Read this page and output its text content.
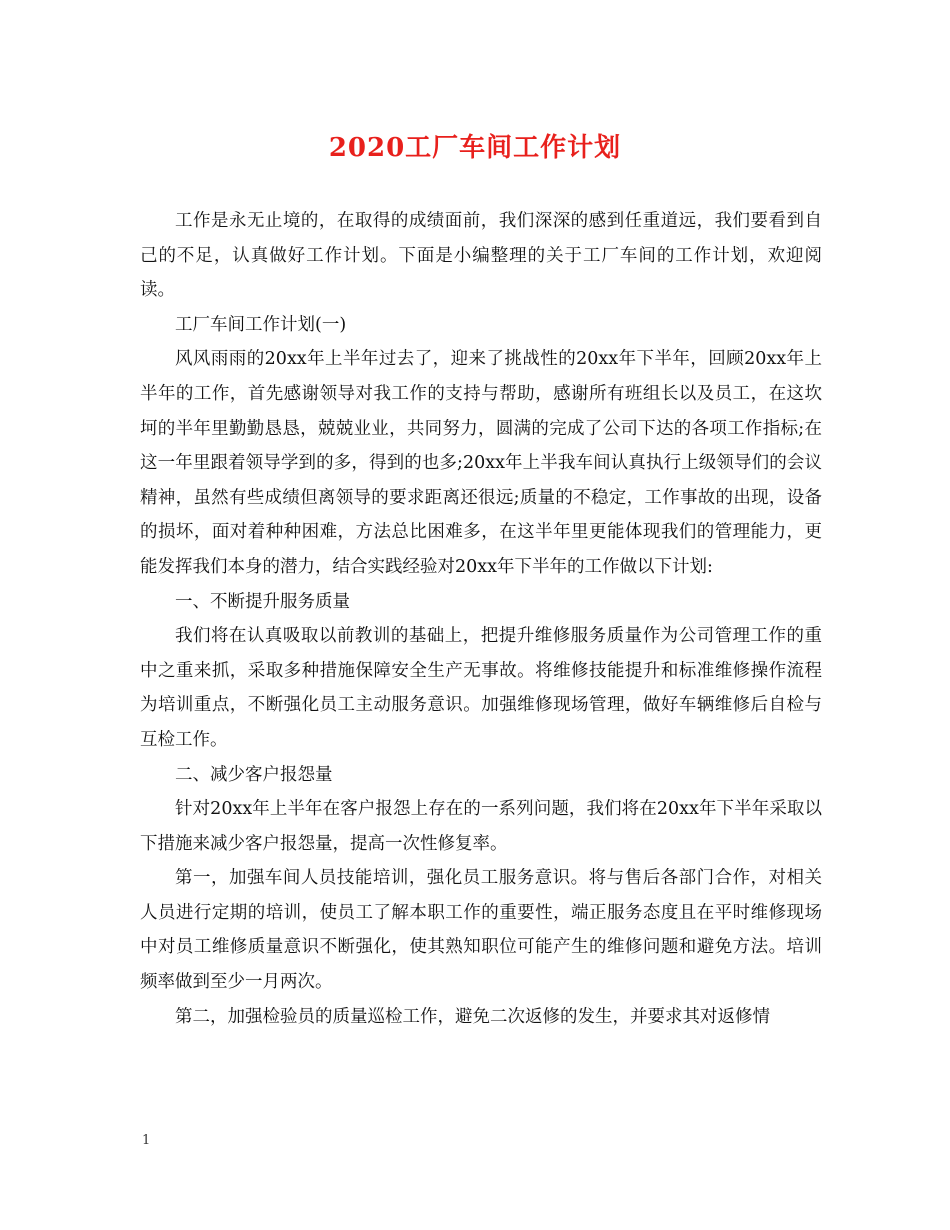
2020工厂车间工作计划

工作是永无止境的，在取得的成绩面前，我们深深的感到任重道远，我们要看到自己的不足，认真做好工作计划。下面是小编整理的关于工厂车间的工作计划，欢迎阅读。

工厂车间工作计划(一)

风风雨雨的20xx年上半年过去了，迎来了挑战性的20xx年下半年，回顾20xx年上半年的工作，首先感谢领导对我工作的支持与帮助，感谢所有班组长以及员工，在这坎坷的半年里勤勤恳恳，兢兢业业，共同努力，圆满的完成了公司下达的各项工作指标;在这一年里跟着领导学到的多，得到的也多;20xx年上半我车间认真执行上级领导们的会议精神，虽然有些成绩但离领导的要求距离还很远;质量的不稳定，工作事故的出现，设备的损坏，面对着种种困难，方法总比困难多，在这半年里更能体现我们的管理能力，更能发挥我们本身的潜力，结合实践经验对20xx年下半年的工作做以下计划:

一、不断提升服务质量

我们将在认真吸取以前教训的基础上，把提升维修服务质量作为公司管理工作的重中之重来抓，采取多种措施保障安全生产无事故。将维修技能提升和标准维修操作流程为培训重点，不断强化员工主动服务意识。加强维修现场管理，做好车辆维修后自检与互检工作。

二、减少客户报怨量

针对20xx年上半年在客户报怨上存在的一系列问题，我们将在20xx年下半年采取以下措施来减少客户报怨量，提高一次性修复率。

第一，加强车间人员技能培训，强化员工服务意识。将与售后各部门合作，对相关人员进行定期的培训，使员工了解本职工作的重要性，端正服务态度且在平时维修现场中对员工维修质量意识不断强化，使其熟知职位可能产生的维修问题和避免方法。培训频率做到至少一月两次。

第二，加强检验员的质量巡检工作，避免二次返修的发生，并要求其对返修情

1
